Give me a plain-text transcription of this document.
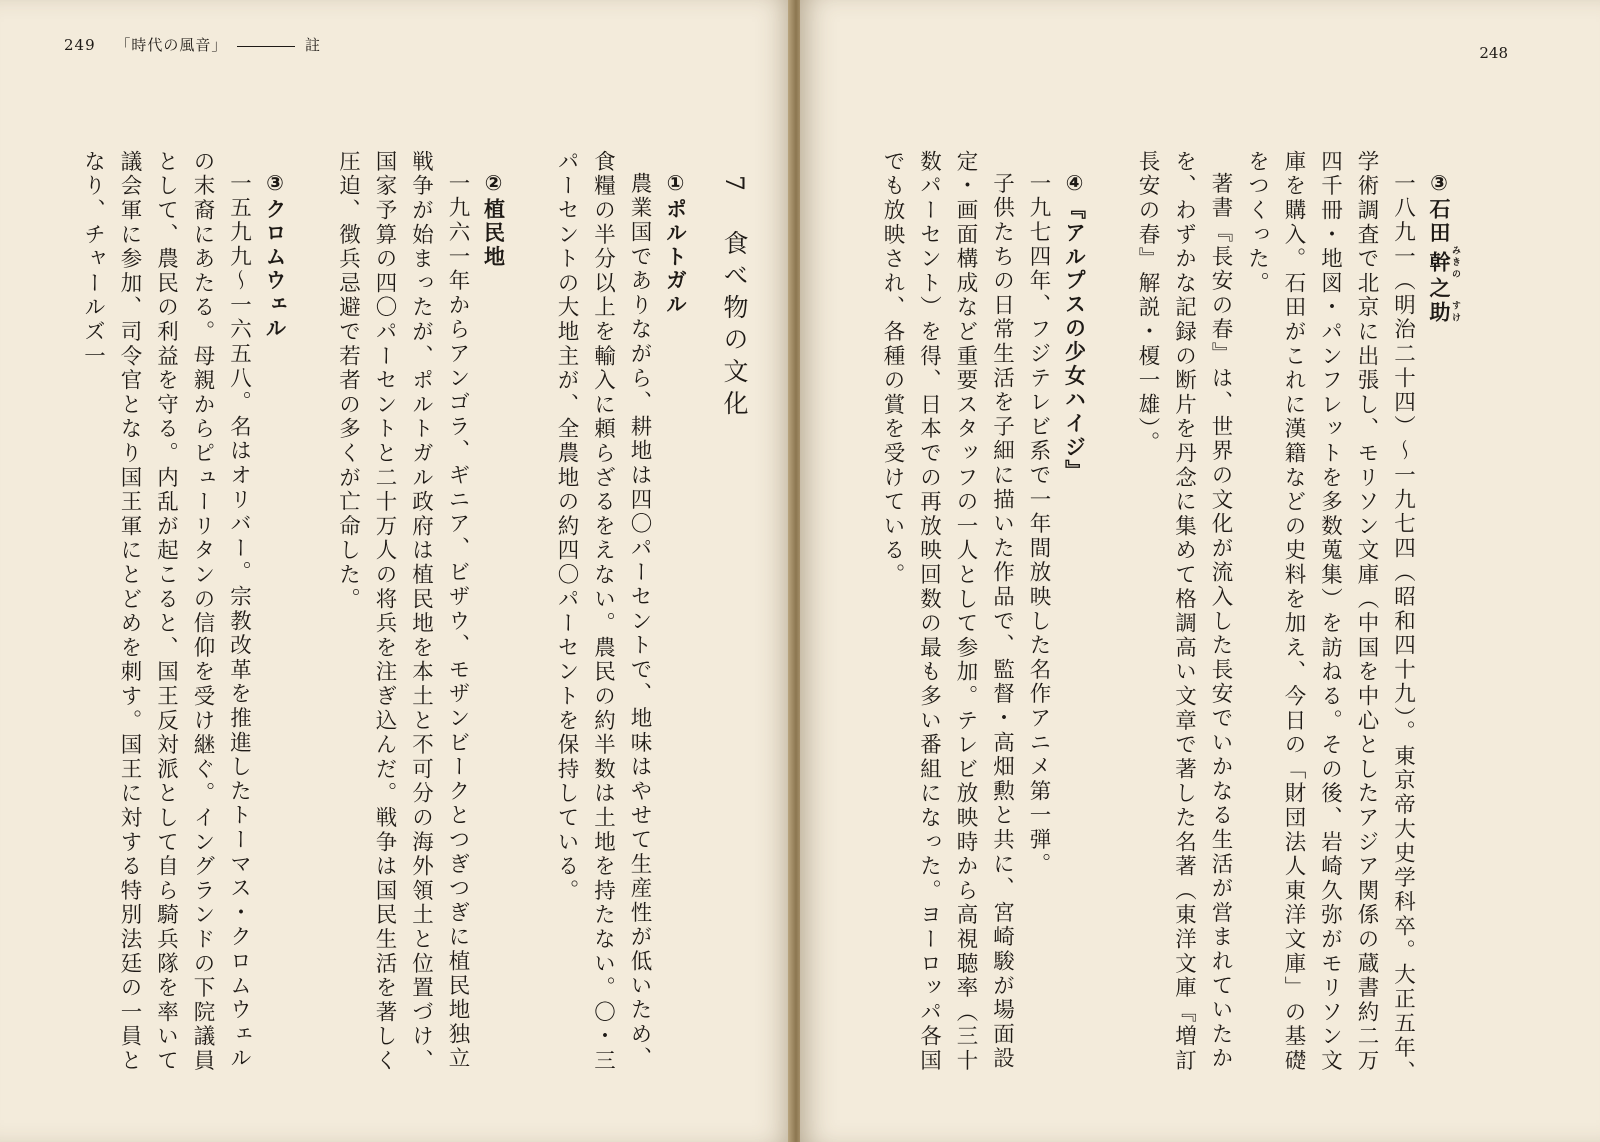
249 「時代の風音」	註

7　食べ物の文化

①ポルトガル

農業国でありながら、耕地は四〇パーセントで、地味はやせて生産性が低いため、食糧の半分以上を輸入に頼らざるをえない。農民の約半数は土地を持たない。〇・三パーセントの大地主が、全農地の約四〇パーセントを保持している。

②植民地

一九六一年からアンゴラ、ギニア、ビザウ、モザンビークとつぎつぎに植民地独立戦争が始まったが、ポルトガル政府は植民地を本土と不可分の海外領土と位置づけ、国家予算の四〇パーセントと二十万人の将兵を注ぎ込んだ。戦争は国民生活を著しく圧迫、徴兵忌避で若者の多くが亡命した。

③クロムウェル

一五九九～一六五八。名はオリバー。宗教改革を推進したトーマス・クロムウェルの末裔にあたる。母親からピューリタンの信仰を受け継ぐ。イングランドの下院議員として、農民の利益を守る。内乱が起こると、国王反対派として自ら騎兵隊を率いて議会軍に参加、司令官となり国王軍にとどめを刺す。国王に対する特別法廷の一員となり、チャールズ一

248

③石田幹 みきの之助 すけ

一八九一（明治二十四）～一九七四（昭和四十九）。東京帝大史学科卒。大正五年、学術調査で北京に出張し、モリソン文庫（中国を中心としたアジア関係の蔵書約二万四千冊・地図・パンフレットを多数蒐集）を訪ねる。その後、岩崎久弥がモリソン文庫を購入。石田がこれに漢籍などの史料を加え、今日の「財団法人東洋文庫」の基礎をつくった。

著書『長安の春』は、世界の文化が流入した長安でいかなる生活が営まれていたかを、わずかな記録の断片を丹念に集めて格調高い文章で著した名著（東洋文庫『増訂　長安の春』解説・榎一雄）。

④『アルプスの少女ハイジ』

一九七四年、フジテレビ系で一年間放映した名作アニメ第一弾。

子供たちの日常生活を子細に描いた作品で、監督・高畑勲と共に、宮崎駿が場面設定・画面構成など重要スタッフの一人として参加。テレビ放映時から高視聴率（三十数パーセント）を得、日本での再放映回数の最も多い番組になった。ヨーロッパ各国でも放映され、各種の賞を受けている。
